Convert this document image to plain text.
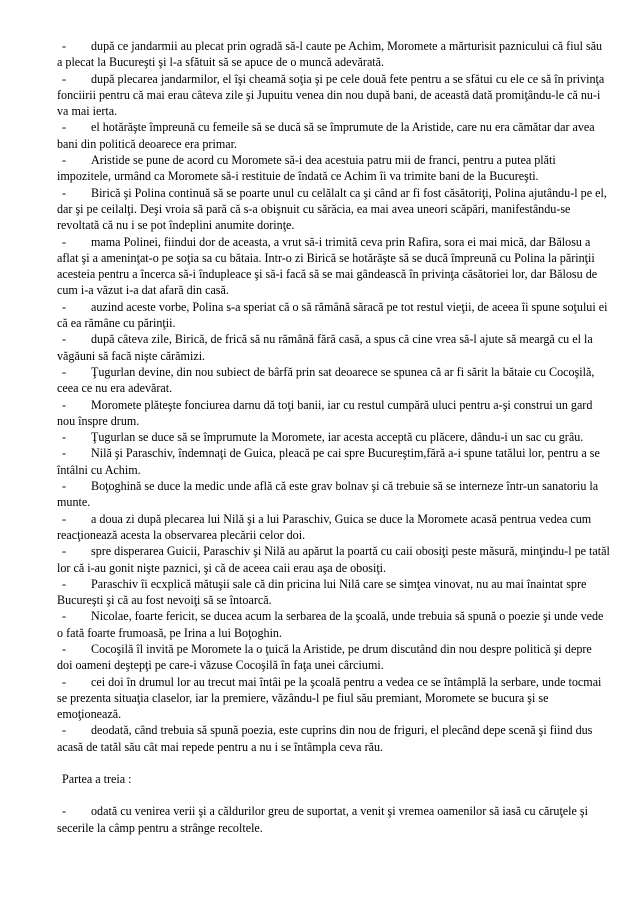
- după ce jandarmii au plecat prin ogradă să-l caute pe Achim, Moromete a mărturisit paznicului că fiul său a plecat la Bucureşti şi l-a sfătuit să se apuce de o muncă adevărată.

- după plecarea jandarmilor, el îşi cheamă soţia şi pe cele două fete pentru a se sfătui cu ele ce să în privinţa fonciirii pentru că mai erau câteva zile şi Jupuitu venea din nou după bani, de această dată promiţându-le că nu-i va mai ierta.

- el hotărăşte împreună cu femeile să se ducă să se împrumute de la Aristide, care nu era cămătar dar avea bani din politică deoarece era primar.

- Aristide se pune de acord cu Moromete să-i dea acestuia patru mii de franci, pentru a putea plăti impozitele, urmând ca Moromete să-i restituie de îndată ce Achim îi va trimite bani de la Bucureşti.

- Birică şi Polina continuă să se poarte unul cu celălalt ca şi când ar fi fost căsătoriţi, Polina ajutându-l pe el, dar şi pe ceilalţi. Deşi vroia să pară că s-a obişnuit cu sărăcia, ea mai avea uneori scăpări, manifestându-se revoltată că nu i se pot îndeplini anumite dorinţe.

- mama Polinei, fiindui dor de aceasta, a vrut să-i trimită ceva prin Rafira, sora ei mai mică, dar Bălosu a aflat şi a ameninţat-o pe soţia sa cu bătaia. Intr-o zi Birică se hotărăşte să se ducă împreună cu Polina la părinţii acesteia pentru a încerca să-i îndupleace şi să-i facă să se mai gândească în privinţa căsătoriei lor, dar Bălosu de cum i-a văzut i-a dat afară din casă.

- auzind aceste vorbe, Polina s-a speriat că o să rămână săracă pe tot restul vieţii, de aceea îi spune soţului ei că ea rămâne cu părinţii.

- după câteva zile, Birică, de frică să nu rămână fără casă, a spus că cine vrea să-l ajute să meargă cu el la văgăuni să facă nişte cărămizi.

- Ţugurlan devine, din nou subiect de bârfă prin sat deoarece se spunea că ar fi sărit la bătaie cu Cocoşilă, ceea ce nu era adevărat.

- Moromete plăteşte fonciurea darnu dă toţi banii, iar cu restul cumpără uluci pentru a-şi construi un gard nou înspre drum.

- Ţugurlan se duce să se împrumute la Moromete, iar acesta acceptă cu plăcere, dându-i un sac cu grâu.

- Nilă şi Paraschiv, îndemnaţi de Guica, pleacă pe cai spre Bucureştim,fără a-i spune tatălui lor, pentru a se întâlni cu Achim.

- Boţoghină se duce la medic unde află că este grav bolnav şi că trebuie să se interneze într-un sanatoriu la munte.

- a doua zi după plecarea lui Nilă şi a lui Paraschiv, Guica se duce la Moromete acasă pentrua vedea cum reacţionează acesta la observarea plecării celor doi.

- spre disperarea Guicii, Paraschiv şi Nilă au apărut la poartă cu caii obosiţi peste măsură, minţindu-l pe tatăl lor că i-au gonit nişte paznici, şi că de aceea caii erau aşa de obosiţi.

- Paraschiv îi ecxplică mătuşii sale că din pricina lui Nilă care se simţea vinovat, nu au mai înaintat spre Bucureşti şi că au fost nevoiţi să se întoarcă.

- Nicolae, foarte fericit, se ducea acum la serbarea de la şcoală, unde trebuia să spună o poezie şi unde vede o fată foarte frumoasă, pe Irina a lui Boţoghin.

- Cocoşilă îl invită pe Moromete la o ţuică la Aristide, pe drum discutând din nou despre politică şi depre doi oameni deştepţi pe care-i văzuse Cocoşilă în faţa unei cârciumi.

- cei doi în drumul lor au trecut mai întâi pe la şcoală pentru a vedea ce se întâmplă la serbare, unde tocmai se prezenta situaţia claselor, iar la premiere, văzându-l pe fiul său premiant, Moromete se bucura şi se emoţionează.

- deodată, când trebuia să spună poezia, este cuprins din nou de friguri, el plecând depe scenă şi fiind dus acasă de tatăl său cât mai repede pentru a nu i se întâmpla ceva rău.

Partea a treia :

- odată cu venirea verii şi a căldurilor greu de suportat, a venit şi vremea oamenilor să iasă cu căruţele şi secerile la câmp pentru a strânge recoltele.
